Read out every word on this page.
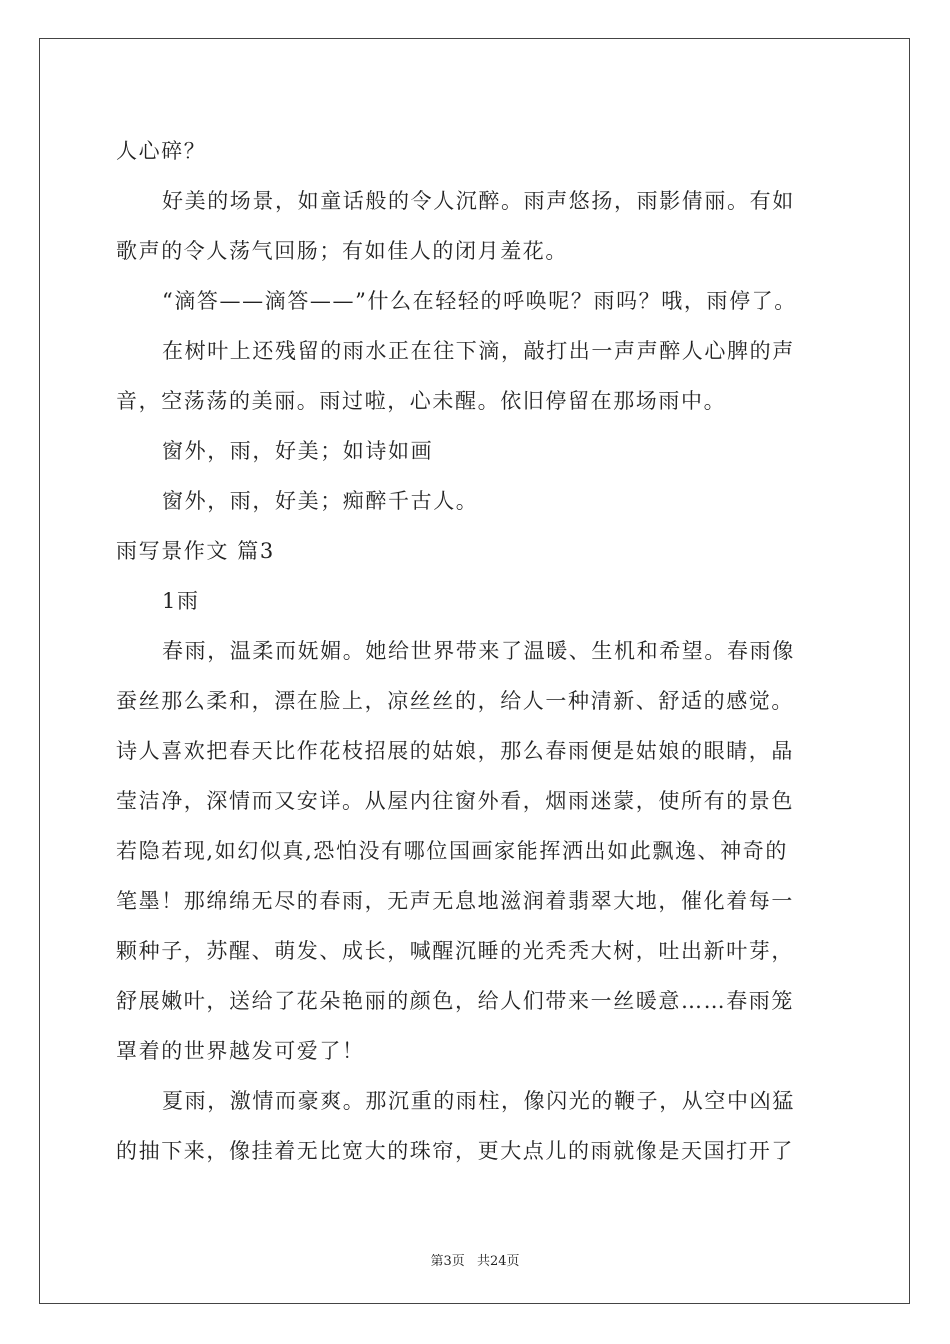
人心碎？
好美的场景，如童话般的令人沉醉。雨声悠扬，雨影倩丽。有如
歌声的令人荡气回肠；有如佳人的闭月羞花。
“滴答——滴答——”什么在轻轻的呼唤呢？雨吗？哦，雨停了。
在树叶上还残留的雨水正在往下滴，敲打出一声声醉人心脾的声
音，空荡荡的美丽。雨过啦，心未醒。依旧停留在那场雨中。
窗外，雨，好美；如诗如画
窗外，雨，好美；痴醉千古人。
雨写景作文 篇3
1雨
春雨，温柔而妩媚。她给世界带来了温暖、生机和希望。春雨像
蚕丝那么柔和，漂在脸上，凉丝丝的，给人一种清新、舒适的感觉。
诗人喜欢把春天比作花枝招展的姑娘，那么春雨便是姑娘的眼睛，晶
莹洁净，深情而又安详。从屋内往窗外看，烟雨迷蒙，使所有的景色
若隐若现,如幻似真,恐怕没有哪位国画家能挥洒出如此飘逸、神奇的
笔墨！那绵绵无尽的春雨，无声无息地滋润着翡翠大地，催化着每一
颗种子，苏醒、萌发、成长，喊醒沉睡的光秃秃大树，吐出新叶芽，
舒展嫩叶，送给了花朵艳丽的颜色，给人们带来一丝暖意……春雨笼
罩着的世界越发可爱了！
夏雨，激情而豪爽。那沉重的雨柱，像闪光的鞭子，从空中凶猛
的抽下来，像挂着无比宽大的珠帘，更大点儿的雨就像是天国打开了
第3页 共24页
